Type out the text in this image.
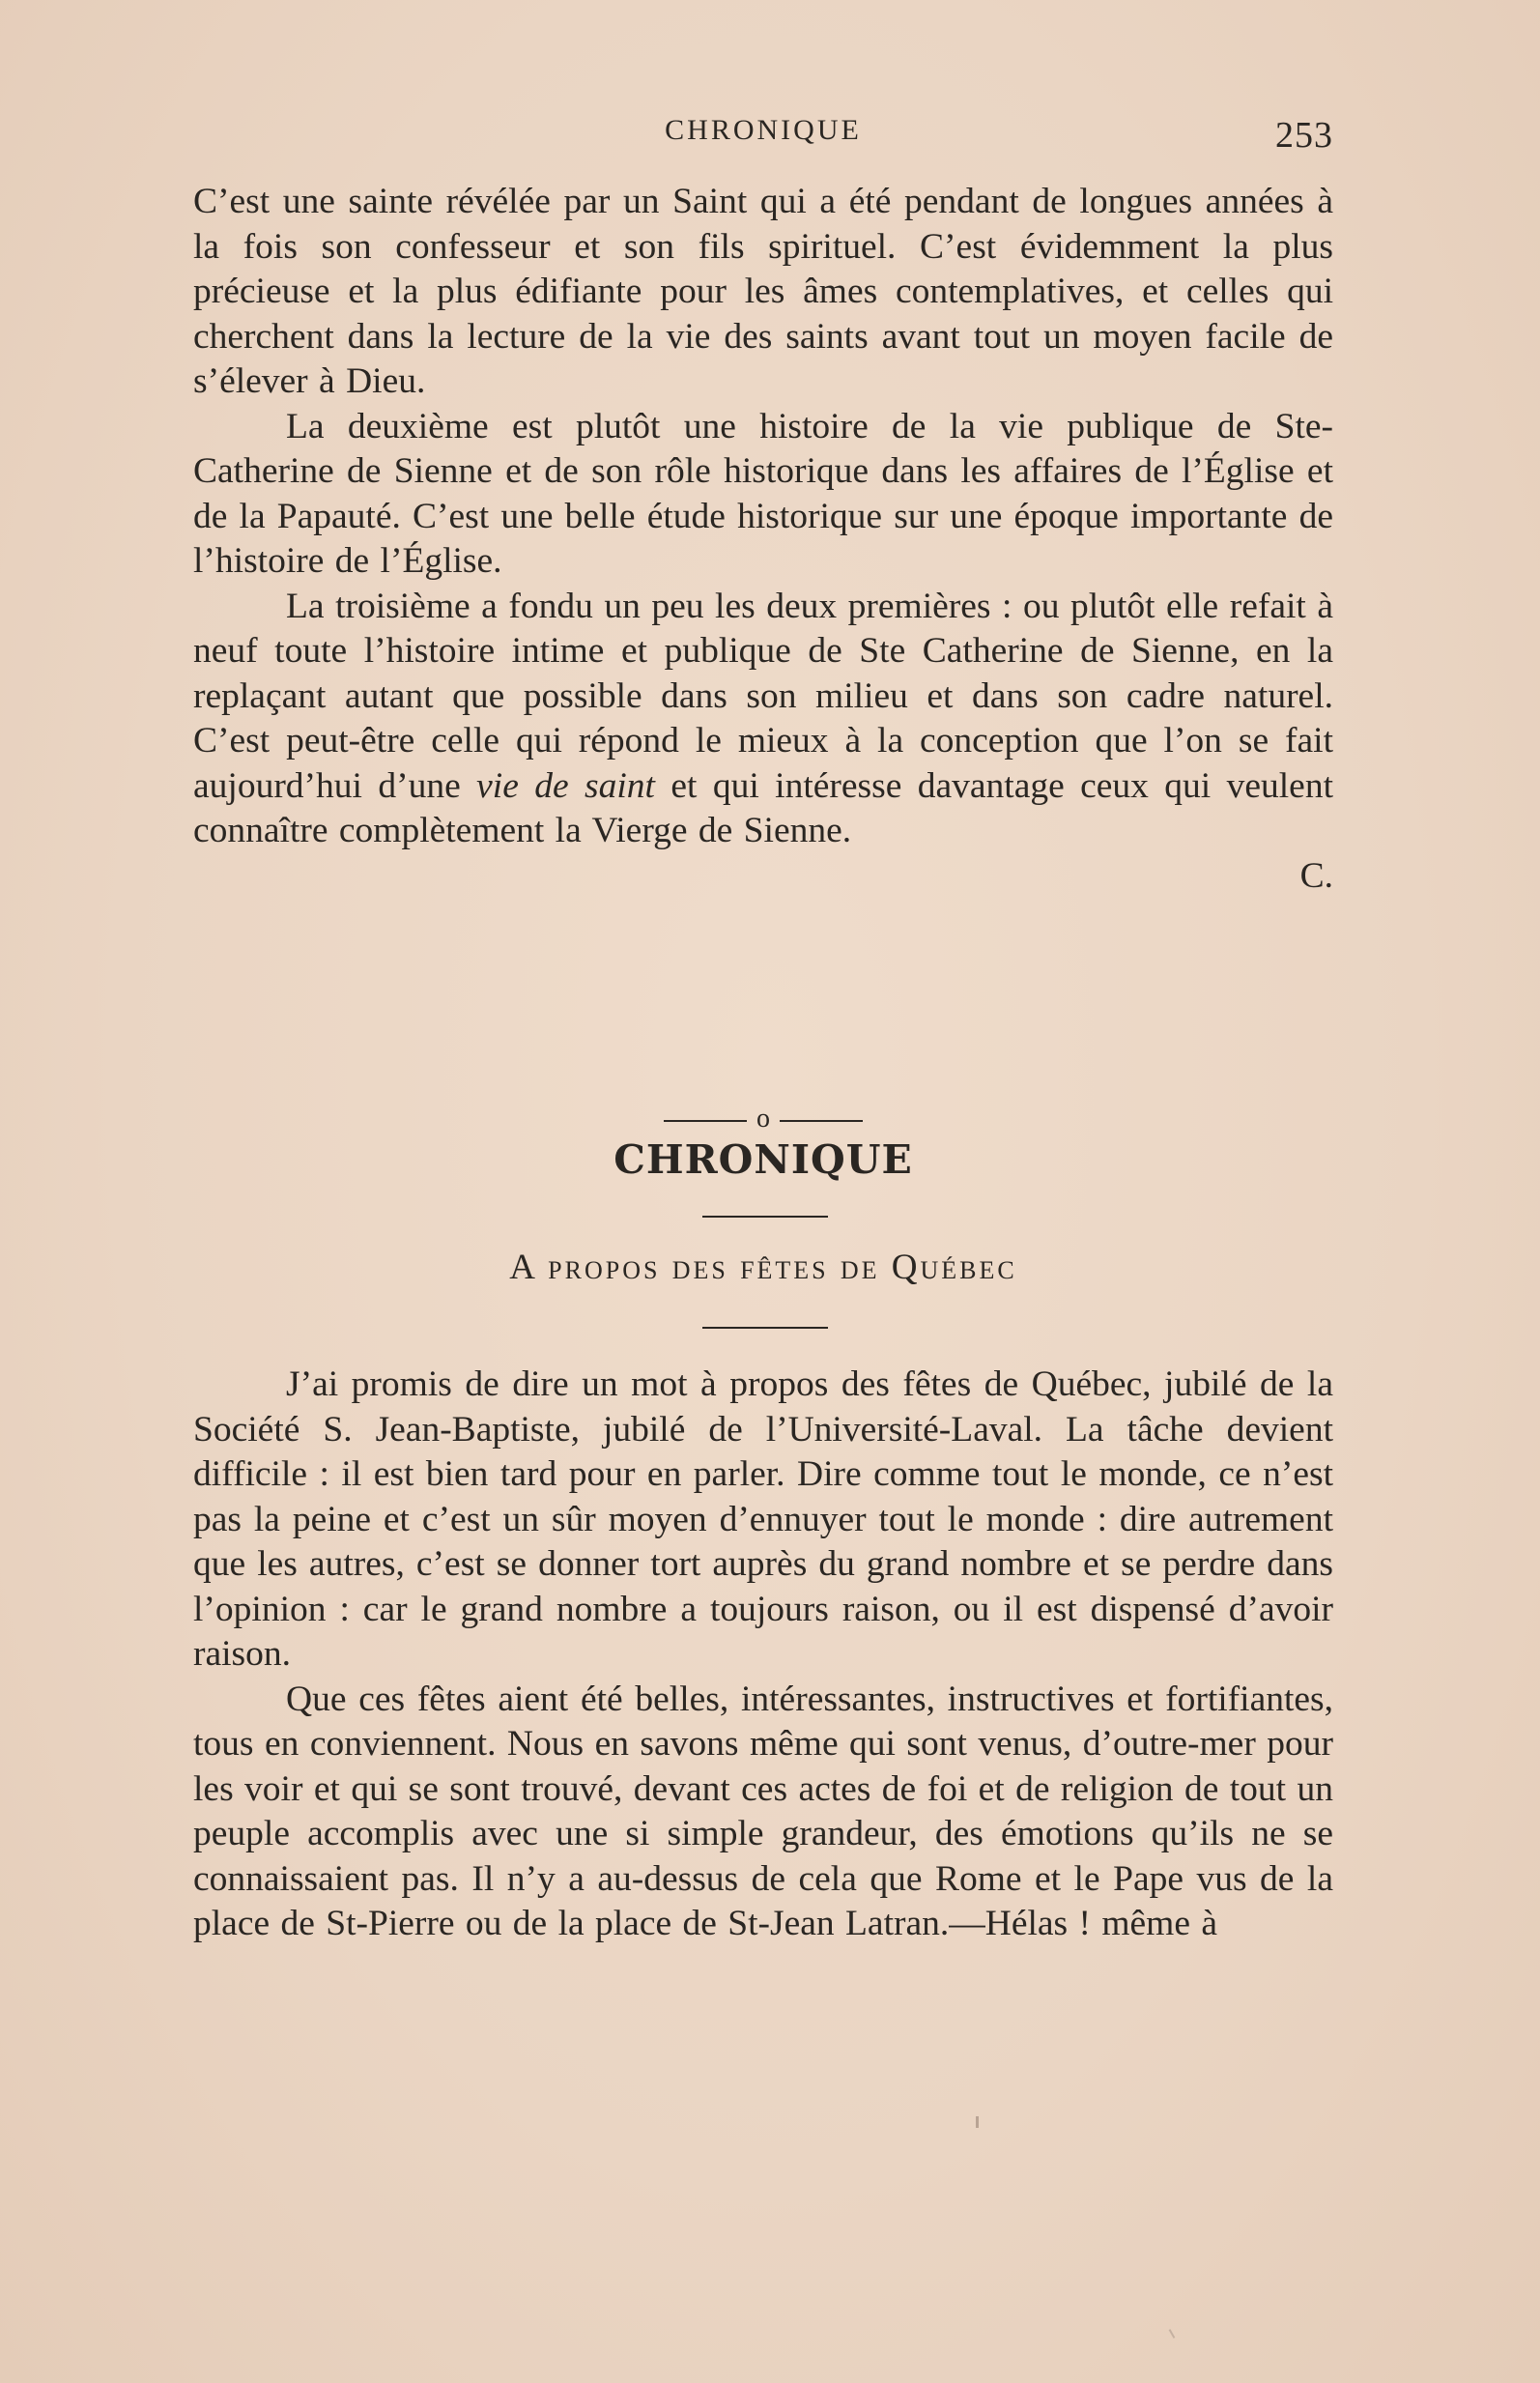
CHRONIQUE	253

C’est une sainte révélée par un Saint qui a été pendant de longues années à la fois son confesseur et son fils spirituel. C’est évidemment la plus précieuse et la plus édifiante pour les âmes contemplatives, et celles qui cherchent dans la lecture de la vie des saints avant tout un moyen facile de s’élever à Dieu.

La deuxième est plutôt une histoire de la vie publique de Ste-Catherine de Sienne et de son rôle historique dans les affaires de l’Église et de la Papauté. C’est une belle étude historique sur une époque importante de l’histoire de l’Église.

La troisième a fondu un peu les deux premières : ou plutôt elle refait à neuf toute l’histoire intime et publique de Ste Catherine de Sienne, en la replaçant autant que possible dans son milieu et dans son cadre naturel. C’est peut-être celle qui répond le mieux à la conception que l’on se fait aujourd’hui d’une vie de saint et qui intéresse davantage ceux qui veulent connaître complètement la Vierge de Sienne.

C.

o
CHRONIQUE
A propos des fêtes de Québec

J’ai promis de dire un mot à propos des fêtes de Québec, jubilé de la Société S. Jean-Baptiste, jubilé de l’Université-Laval. La tâche devient difficile : il est bien tard pour en parler. Dire comme tout le monde, ce n’est pas la peine et c’est un sûr moyen d’ennuyer tout le monde : dire autrement que les autres, c’est se donner tort auprès du grand nombre et se perdre dans l’opinion : car le grand nombre a toujours raison, ou il est dispensé d’avoir raison.

Que ces fêtes aient été belles, intéressantes, instructives et fortifiantes, tous en conviennent. Nous en savons même qui sont venus, d’outre-mer pour les voir et qui se sont trouvé, devant ces actes de foi et de religion de tout un peuple accomplis avec une si simple grandeur, des émotions qu’ils ne se connaissaient pas. Il n’y a au-dessus de cela que Rome et le Pape vus de la place de St-Pierre ou de la place de St-Jean Latran.—Hélas ! même à
